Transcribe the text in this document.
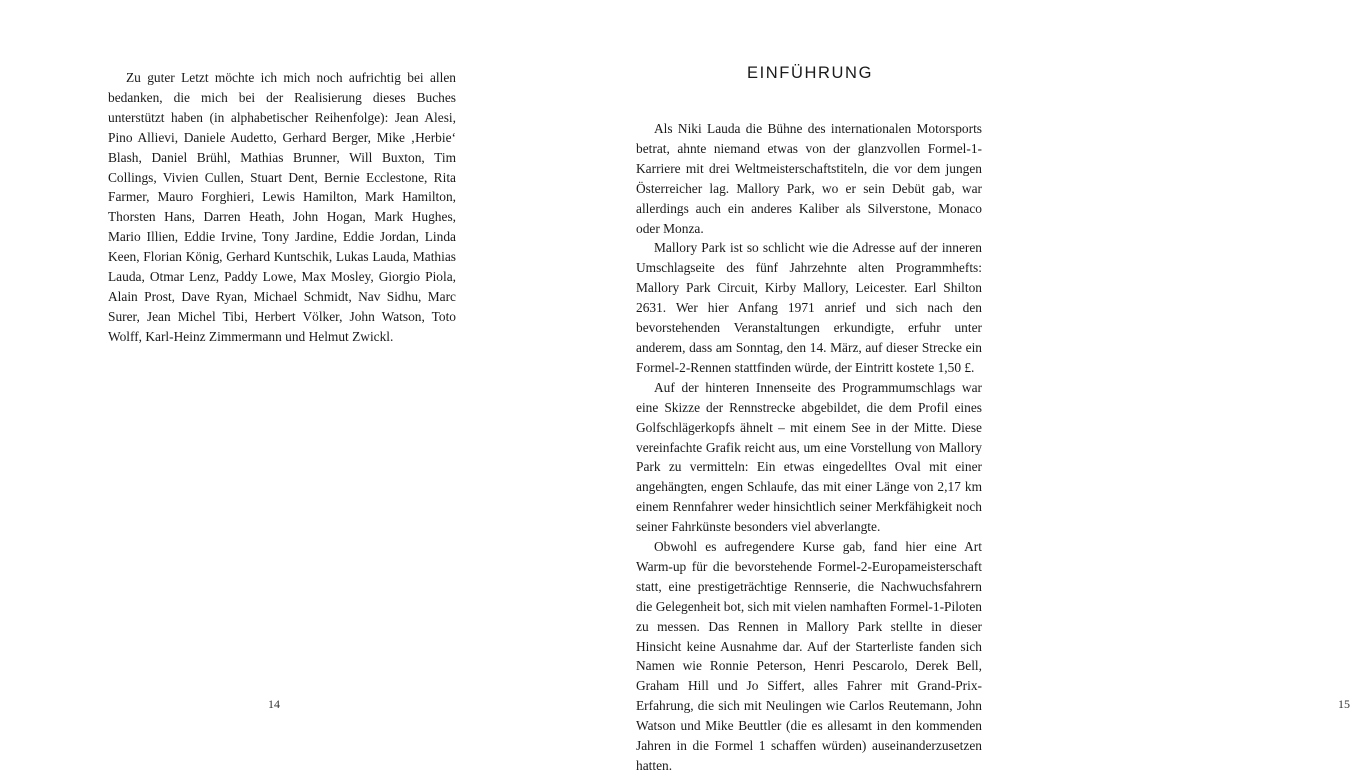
Zu guter Letzt möchte ich mich noch aufrichtig bei allen bedanken, die mich bei der Realisierung dieses Buches unterstützt haben (in alphabetischer Reihenfolge): Jean Alesi, Pino Allievi, Daniele Audetto, Gerhard Berger, Mike ‚Herbie‘ Blash, Daniel Brühl, Mathias Brunner, Will Buxton, Tim Collings, Vivien Cullen, Stuart Dent, Bernie Ecclestone, Rita Farmer, Mauro Forghieri, Lewis Hamilton, Mark Hamilton, Thorsten Hans, Darren Heath, John Hogan, Mark Hughes, Mario Illien, Eddie Irvine, Tony Jardine, Eddie Jordan, Linda Keen, Florian König, Gerhard Kuntschik, Lukas Lauda, Mathias Lauda, Otmar Lenz, Paddy Lowe, Max Mosley, Giorgio Piola, Alain Prost, Dave Ryan, Michael Schmidt, Nav Sidhu, Marc Surer, Jean Michel Tibi, Herbert Völker, John Watson, Toto Wolff, Karl-Heinz Zimmermann und Helmut Zwickl.

14
EINFÜHRUNG

Als Niki Lauda die Bühne des internationalen Motorsports betrat, ahnte niemand etwas von der glanzvollen Formel-1-Karriere mit drei Weltmeisterschaftstiteln, die vor dem jungen Österreicher lag. Mallory Park, wo er sein Debüt gab, war allerdings auch ein anderes Kaliber als Silverstone, Monaco oder Monza.

Mallory Park ist so schlicht wie die Adresse auf der inneren Umschlagseite des fünf Jahrzehnte alten Programmhefts: Mallory Park Circuit, Kirby Mallory, Leicester. Earl Shilton 2631. Wer hier Anfang 1971 anrief und sich nach den bevorstehenden Veranstaltungen erkundigte, erfuhr unter anderem, dass am Sonntag, den 14. März, auf dieser Strecke ein Formel-2-Rennen stattfinden würde, der Eintritt kostete 1,50 £.

Auf der hinteren Innenseite des Programmumschlags war eine Skizze der Rennstrecke abgebildet, die dem Profil eines Golfschlägerkopfs ähnelt – mit einem See in der Mitte. Diese vereinfachte Grafik reicht aus, um eine Vorstellung von Mallory Park zu vermitteln: Ein etwas eingedelltes Oval mit einer angehängten, engen Schlaufe, das mit einer Länge von 2,17 km einem Rennfahrer weder hinsichtlich seiner Merkfähigkeit noch seiner Fahrkünste besonders viel abverlangte.

Obwohl es aufregendere Kurse gab, fand hier eine Art Warm-up für die bevorstehende Formel-2-Europameisterschaft statt, eine prestigeträchtige Rennserie, die Nachwuchsfahrern die Gelegenheit bot, sich mit vielen namhaften Formel-1-Piloten zu messen. Das Rennen in Mallory Park stellte in dieser Hinsicht keine Ausnahme dar. Auf der Starterliste fanden sich Namen wie Ronnie Peterson, Henri Pescarolo, Derek Bell, Graham Hill und Jo Siffert, alles Fahrer mit Grand-Prix-Erfahrung, die sich mit Neulingen wie Carlos Reutemann, John Watson und Mike Beuttler (die es allesamt in den kommenden Jahren in die Formel 1 schaffen würden) auseinanderzusetzen hatten.

15
